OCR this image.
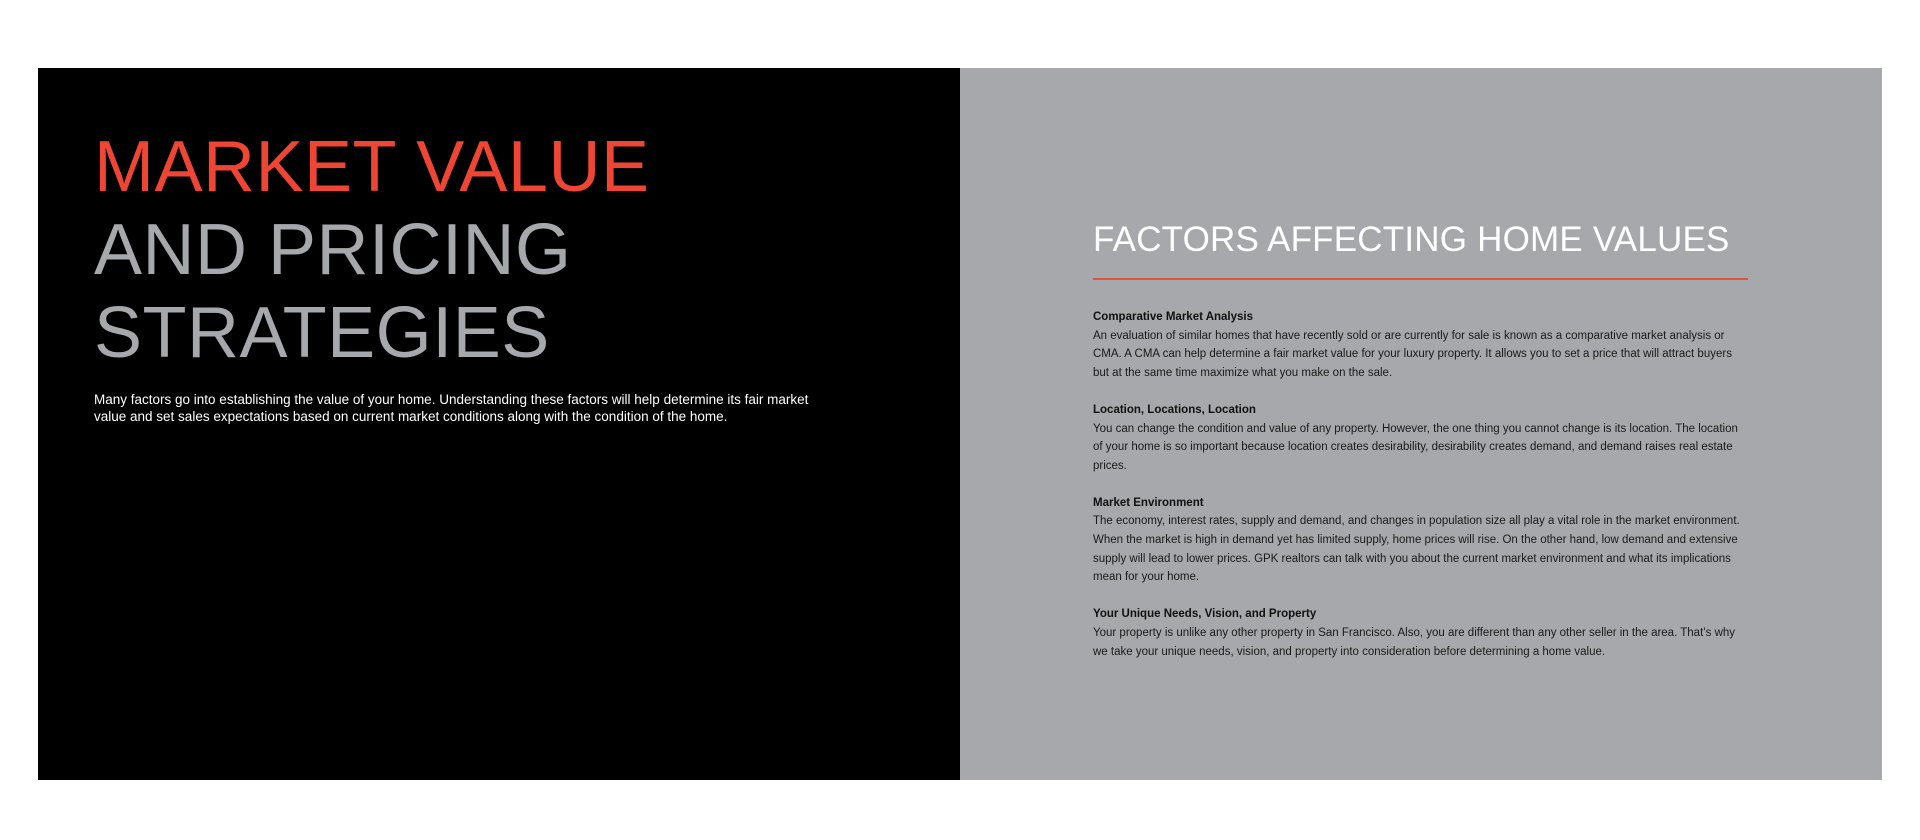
MARKET VALUE
AND PRICING
STRATEGIES

Many factors go into establishing the value of your home. Understanding these factors will help determine its fair market value and set sales expectations based on current market conditions along with the condition of the home.

FACTORS AFFECTING HOME VALUES

Comparative Market Analysis

An evaluation of similar homes that have recently sold or are currently for sale is known as a comparative market analysis or CMA. A CMA can help determine a fair market value for your luxury property. It allows you to set a price that will attract buyers but at the same time maximize what you make on the sale.

Location, Locations, Location

You can change the condition and value of any property. However, the one thing you cannot change is its location. The location of your home is so important because location creates desirability, desirability creates demand, and demand raises real estate prices.

Market Environment

The economy, interest rates, supply and demand, and changes in population size all play a vital role in the market environment. When the market is high in demand yet has limited supply, home prices will rise. On the other hand, low demand and extensive supply will lead to lower prices. GPK realtors can talk with you about the current market environment and what its implications mean for your home.

Your Unique Needs, Vision, and Property

Your property is unlike any other property in San Francisco. Also, you are different than any other seller in the area. That’s why we take your unique needs, vision, and property into consideration before determining a home value.
